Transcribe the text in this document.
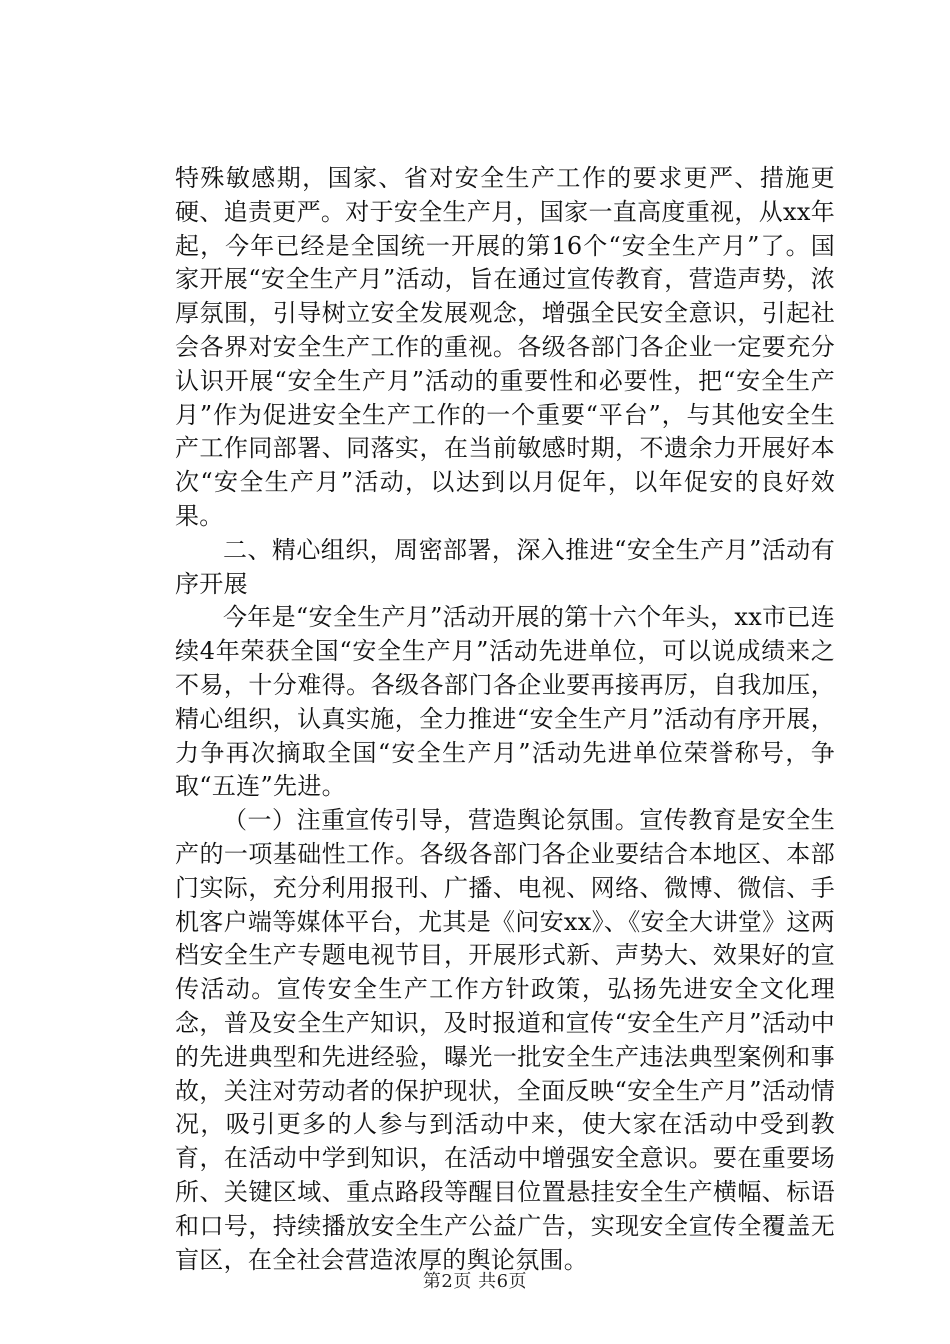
特殊敏感期，国家、省对安全生产工作的要求更严、措施更硬、追责更严。对于安全生产月，国家一直高度重视，从xx年起，今年已经是全国统一开展的第16个“安全生产月”了。国家开展“安全生产月”活动，旨在通过宣传教育，营造声势，浓厚氛围，引导树立安全发展观念，增强全民安全意识，引起社会各界对安全生产工作的重视。各级各部门各企业一定要充分认识开展“安全生产月”活动的重要性和必要性，把“安全生产月”作为促进安全生产工作的一个重要“平台”，与其他安全生产工作同部署、同落实，在当前敏感时期，不遗余力开展好本次“安全生产月”活动，以达到以月促年，以年促安的良好效果。

二、精心组织，周密部署，深入推进“安全生产月”活动有序开展

今年是“安全生产月”活动开展的第十六个年头，xx市已连续4年荣获全国“安全生产月”活动先进单位，可以说成绩来之不易，十分难得。各级各部门各企业要再接再厉，自我加压，精心组织，认真实施，全力推进“安全生产月”活动有序开展，力争再次摘取全国“安全生产月”活动先进单位荣誉称号，争取“五连”先进。

（一）注重宣传引导，营造舆论氛围。宣传教育是安全生产的一项基础性工作。各级各部门各企业要结合本地区、本部门实际，充分利用报刊、广播、电视、网络、微博、微信、手机客户端等媒体平台，尤其是《问安xx》、《安全大讲堂》这两档安全生产专题电视节目，开展形式新、声势大、效果好的宣传活动。宣传安全生产工作方针政策，弘扬先进安全文化理念，普及安全生产知识，及时报道和宣传“安全生产月”活动中的先进典型和先进经验，曝光一批安全生产违法典型案例和事故，关注对劳动者的保护现状，全面反映“安全生产月”活动情况，吸引更多的人参与到活动中来，使大家在活动中受到教育，在活动中学到知识，在活动中增强安全意识。要在重要场所、关键区域、重点路段等醒目位置悬挂安全生产横幅、标语和口号，持续播放安全生产公益广告，实现安全宣传全覆盖无盲区，在全社会营造浓厚的舆论氛围。

第2页 共6页
